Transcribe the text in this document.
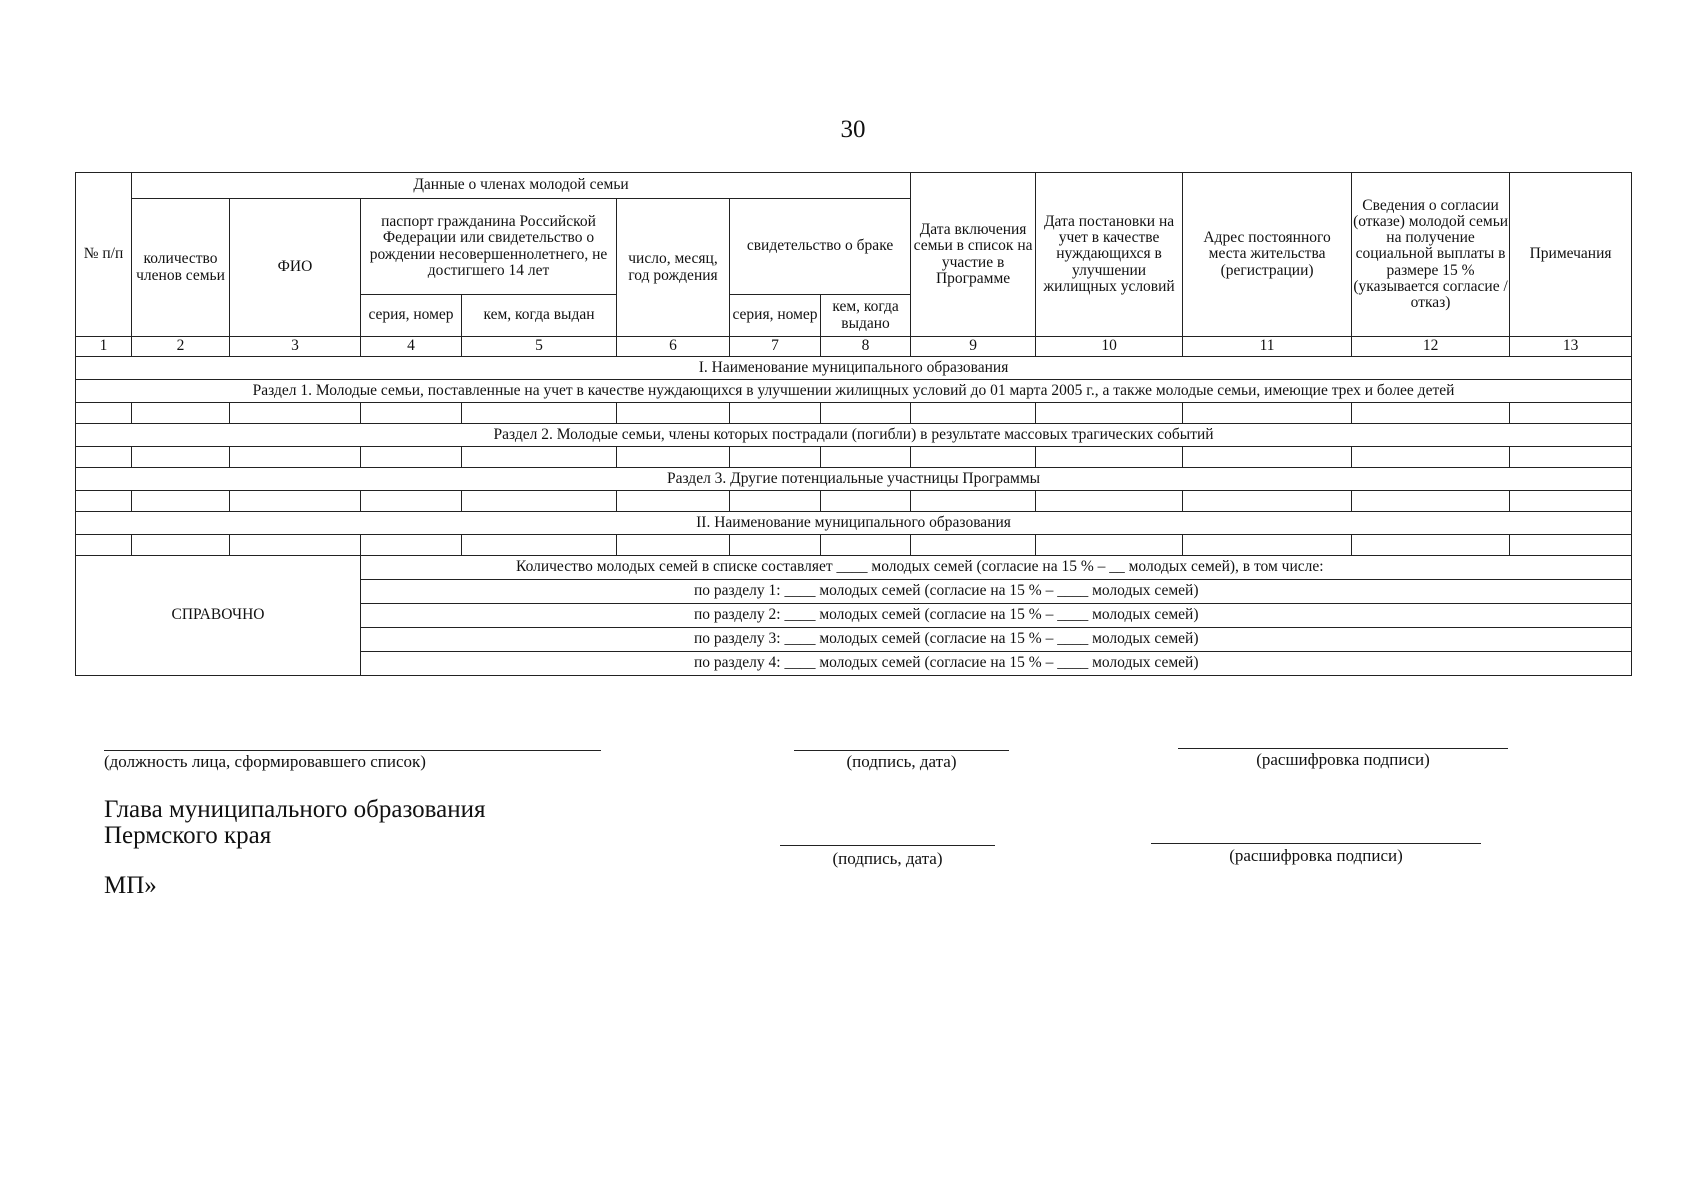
30
№ п/п	Данные о членах молодой семьи							Дата включения семьи в список на участие в Программе	Дата постановки на учет в качестве нуждающихся в улучшении жилищных условий	Адрес постоянного места жительства (регистрации)	Сведения о согласии (отказе) молодой семьи на получение социальной выплаты в размере 15 % (указывается согласие / отказ)	Примечания
	количество членов семьи	ФИО	паспорт гражданина Российской Федерации или свидетельство о рождении несовершеннолетнего, не достигшего 14 лет		число, месяц, год рождения	свидетельство о браке						
			серия, номер	кем, когда выдан		серия, номер	кем, когда выдано					
1	2	3	4	5	6	7	8	9	10	11	12	13
I. Наименование муниципального образования												
Раздел 1. Молодые семьи, поставленные на учет в качестве нуждающихся в улучшении жилищных условий до 01 марта 2005 г., а также молодые семьи, имеющие трех и более детей												

Раздел 2. Молодые семьи, члены которых пострадали (погибли) в результате массовых трагических событий												

Раздел 3. Другие потенциальные участницы Программы												

II. Наименование муниципального образования												

СПРАВОЧНО			Количество молодых семей в списке составляет ____ молодых семей (согласие на 15 % – __ молодых семей), в том числе:									
			по разделу 1: ____ молодых семей (согласие на 15 % – ____ молодых семей)									
			по разделу 2: ____ молодых семей (согласие на 15 % – ____ молодых семей)									
			по разделу 3: ____ молодых семей (согласие на 15 % – ____ молодых семей)									
			по разделу 4: ____ молодых семей (согласие на 15 % – ____ молодых семей)									
(должность лица, сформировавшего список)	(подпись, дата)	(расшифровка подписи)
Глава муниципального образования
Пермского края
(подпись, дата)	(расшифровка подписи)
МП»
